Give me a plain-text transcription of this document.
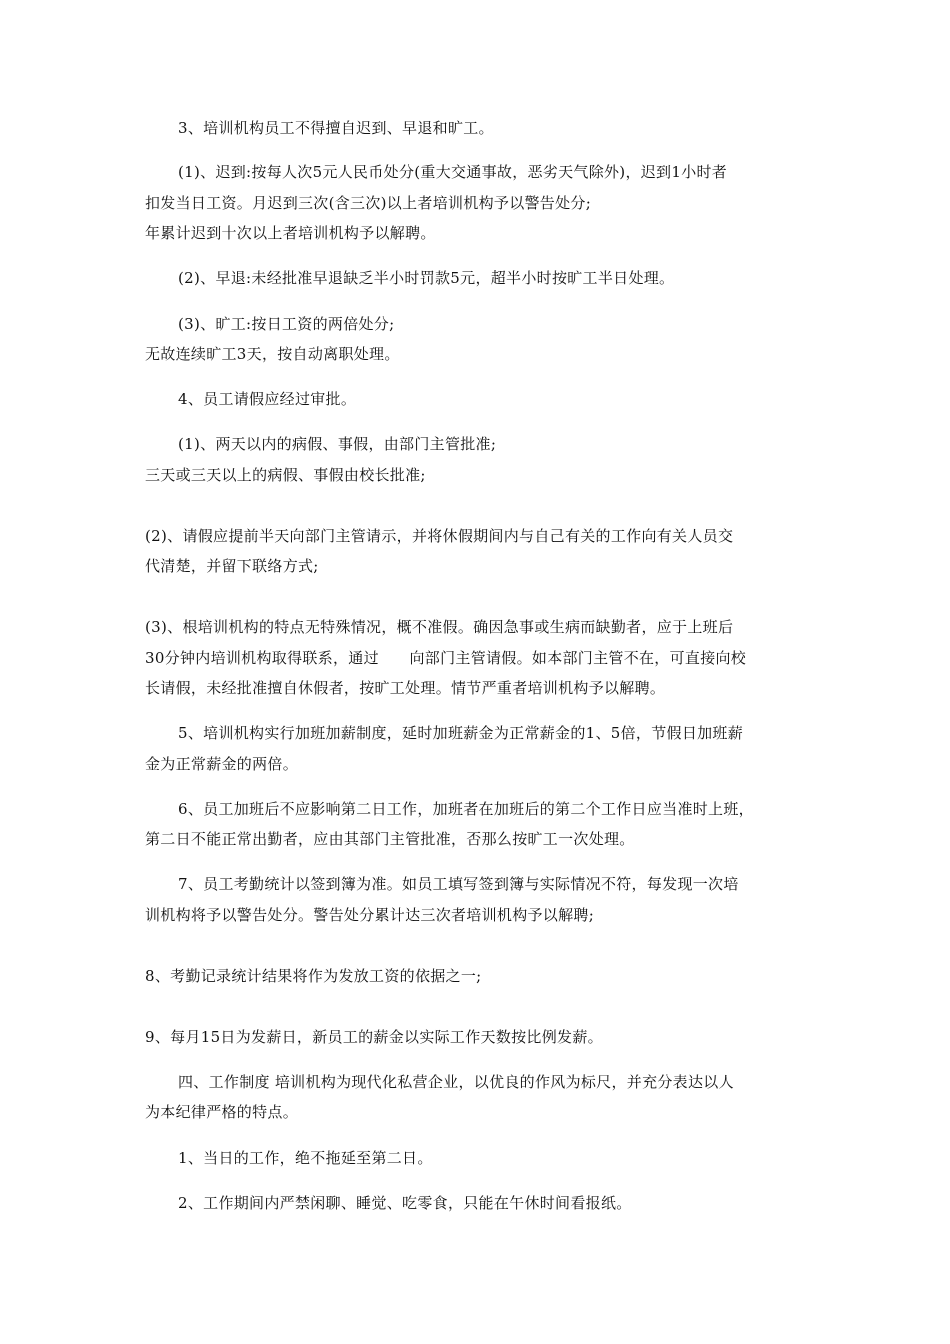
3、培训机构员工不得擅自迟到、早退和旷工。

(1)、迟到:按每人次5元人民币处分(重大交通事故，恶劣天气除外)，迟到1小时者

扣发当日工资。月迟到三次(含三次)以上者培训机构予以警告处分;

年累计迟到十次以上者培训机构予以解聘。

(2)、早退:未经批准早退缺乏半小时罚款5元，超半小时按旷工半日处理。

(3)、旷工:按日工资的两倍处分;

无故连续旷工3天，按自动离职处理。

4、员工请假应经过审批。

(1)、两天以内的病假、事假，由部门主管批准;

三天或三天以上的病假、事假由校长批准;

(2)、请假应提前半天向部门主管请示，并将休假期间内与自己有关的工作向有关人员交

代清楚，并留下联络方式;

(3)、根培训机构的特点无特殊情况，概不准假。确因急事或生病而缺勤者，应于上班后

30分钟内培训机构取得联系，通过　　向部门主管请假。如本部门主管不在，可直接向校

长请假，未经批准擅自休假者，按旷工处理。情节严重者培训机构予以解聘。

5、培训机构实行加班加薪制度，延时加班薪金为正常薪金的1、5倍，节假日加班薪

金为正常薪金的两倍。

6、员工加班后不应影响第二日工作，加班者在加班后的第二个工作日应当准时上班，

第二日不能正常出勤者，应由其部门主管批准，否那么按旷工一次处理。

7、员工考勤统计以签到簿为准。如员工填写签到簿与实际情况不符，每发现一次培

训机构将予以警告处分。警告处分累计达三次者培训机构予以解聘;

8、考勤记录统计结果将作为发放工资的依据之一;

9、每月15日为发薪日，新员工的薪金以实际工作天数按比例发薪。

四、工作制度 培训机构为现代化私营企业，以优良的作风为标尺，并充分表达以人

为本纪律严格的特点。

1、当日的工作，绝不拖延至第二日。

2、工作期间内严禁闲聊、睡觉、吃零食，只能在午休时间看报纸。
